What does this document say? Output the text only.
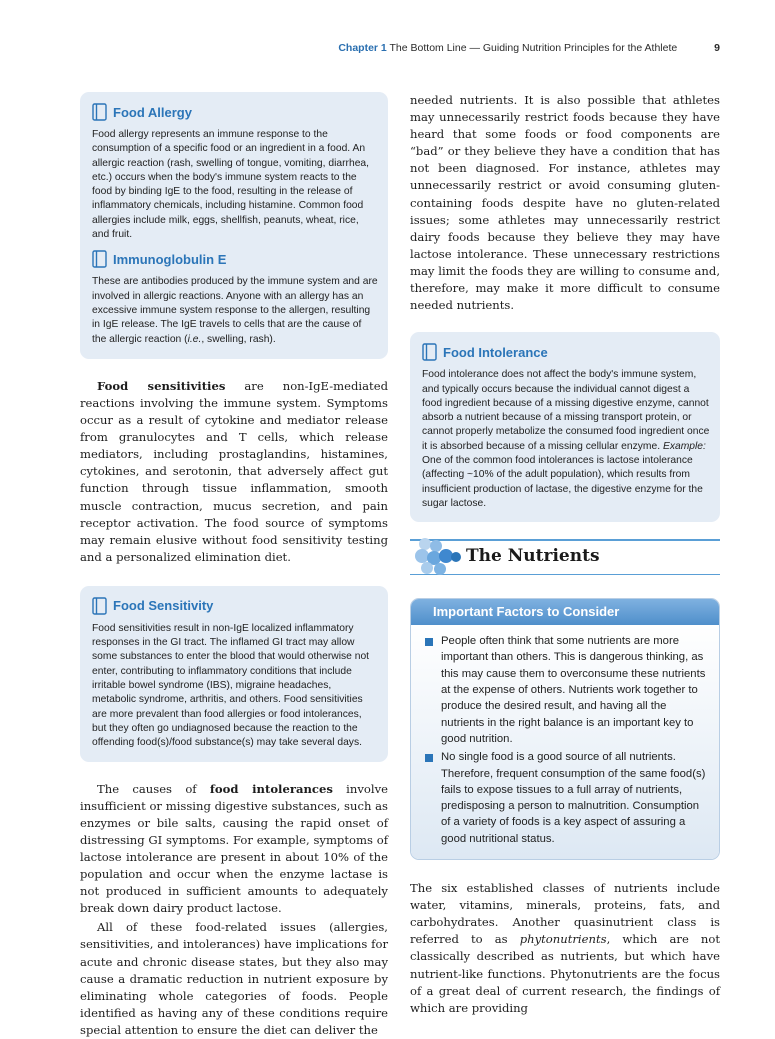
Chapter 1 The Bottom Line — Guiding Nutrition Principles for the Athlete	9
Food Allergy

Food allergy represents an immune response to the consumption of a specific food or an ingredient in a food. An allergic reaction (rash, swelling of tongue, vomiting, diarrhea, etc.) occurs when the body's immune system reacts to the food by binding IgE to the food, resulting in the release of inflammatory chemicals, including histamine. Common food allergies include milk, eggs, shellfish, peanuts, wheat, rice, and fruit.

Immunoglobulin E

These are antibodies produced by the immune system and are involved in allergic reactions. Anyone with an allergy has an excessive immune system response to the allergen, resulting in IgE release. The IgE travels to cells that are the cause of the allergic reaction (i.e., swelling, rash).

Food sensitivities are non-IgE-mediated reactions involving the immune system. Symptoms occur as a result of cytokine and mediator release from granulocytes and T cells, which release mediators, including prostaglandins, histamines, cytokines, and serotonin, that adversely affect gut function through tissue inflammation, smooth muscle contraction, mucus secretion, and pain receptor activation. The food source of symptoms may remain elusive without food sensitivity testing and a personalized elimination diet.

Food Sensitivity

Food sensitivities result in non-IgE localized inflammatory responses in the GI tract. The inflamed GI tract may allow some substances to enter the blood that would otherwise not enter, contributing to inflammatory conditions that include irritable bowel syndrome (IBS), migraine headaches, metabolic syndrome, arthritis, and others. Food sensitivities are more prevalent than food allergies or food intolerances, but they often go undiagnosed because the reaction to the offending food(s)/food substance(s) may take several days.

The causes of food intolerances involve insufficient or missing digestive substances, such as enzymes or bile salts, causing the rapid onset of distressing GI symptoms. For example, symptoms of lactose intolerance are present in about 10% of the population and occur when the enzyme lactase is not produced in sufficient amounts to adequately break down dairy product lactose.

All of these food-related issues (allergies, sensitivities, and intolerances) have implications for acute and chronic disease states, but they also may cause a dramatic reduction in nutrient exposure by eliminating whole categories of foods. People identified as having any of these conditions require special attention to ensure the diet can deliver the

needed nutrients. It is also possible that athletes may unnecessarily restrict foods because they have heard that some foods or food components are “bad” or they believe they have a condition that has not been diagnosed. For instance, athletes may unnecessarily restrict or avoid consuming gluten-containing foods despite have no gluten-related issues; some athletes may unnecessarily restrict dairy foods because they believe they may have lactose intolerance. These unnecessary restrictions may limit the foods they are willing to consume and, therefore, may make it more difficult to consume needed nutrients.

Food Intolerance

Food intolerance does not affect the body's immune system, and typically occurs because the individual cannot digest a food ingredient because of a missing digestive enzyme, cannot absorb a nutrient because of a missing transport protein, or cannot properly metabolize the consumed food ingredient once it is absorbed because of a missing cellular enzyme. Example: One of the common food intolerances is lactose intolerance (affecting ~10% of the adult population), which results from insufficient production of lactase, the digestive enzyme for the sugar lactose.

The Nutrients
Important Factors to Consider

People often think that some nutrients are more important than others. This is dangerous thinking, as this may cause them to overconsume these nutrients at the expense of others. Nutrients work together to produce the desired result, and having all the nutrients in the right balance is an important key to good nutrition.

No single food is a good source of all nutrients. Therefore, frequent consumption of the same food(s) fails to expose tissues to a full array of nutrients, predisposing a person to malnutrition. Consumption of a variety of foods is a key aspect of assuring a good nutritional status.

The six established classes of nutrients include water, vitamins, minerals, proteins, fats, and carbohydrates. Another quasinutrient class is referred to as phytonutrients, which are not classically described as nutrients, but which have nutrient-like functions. Phytonutrients are the focus of a great deal of current research, the findings of which are providing
